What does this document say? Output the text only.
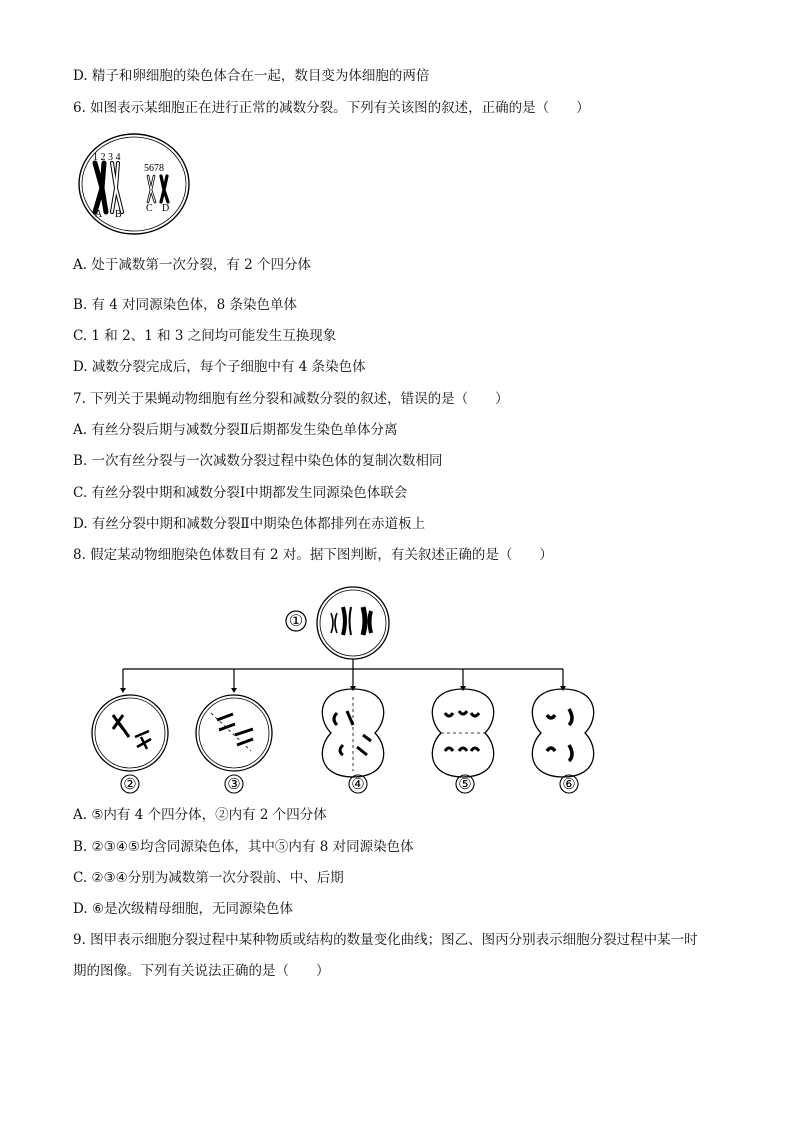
D. 精子和卵细胞的染色体合在一起，数目变为体细胞的两倍
6. 如图表示某细胞正在进行正常的减数分裂。下列有关该图的叙述，正确的是（　　）
1 2 3 4
5678
A B
C D
A. 处于减数第一次分裂，有 2 个四分体
B. 有 4 对同源染色体，8 条染色单体
C. 1 和 2、1 和 3 之间均可能发生互换现象
D. 减数分裂完成后，每个子细胞中有 4 条染色体
7. 下列关于果蝇动物细胞有丝分裂和减数分裂的叙述，错误的是（　　）
A. 有丝分裂后期与减数分裂Ⅱ后期都发生染色单体分离
B. 一次有丝分裂与一次减数分裂过程中染色体的复制次数相同
C. 有丝分裂中期和减数分裂Ⅰ中期都发生同源染色体联会
D. 有丝分裂中期和减数分裂Ⅱ中期染色体都排列在赤道板上
8. 假定某动物细胞染色体数目有 2 对。据下图判断，有关叙述正确的是（　　）
①
②	③	④	⑤	⑥
A. ⑤内有 4 个四分体，②内有 2 个四分体
B. ②③④⑤均含同源染色体，其中⑤内有 8 对同源染色体
C. ②③④分别为减数第一次分裂前、中、后期
D. ⑥是次级精母细胞，无同源染色体
9. 图甲表示细胞分裂过程中某种物质或结构的数量变化曲线；图乙、图丙分别表示细胞分裂过程中某一时
期的图像。下列有关说法正确的是（　　）
